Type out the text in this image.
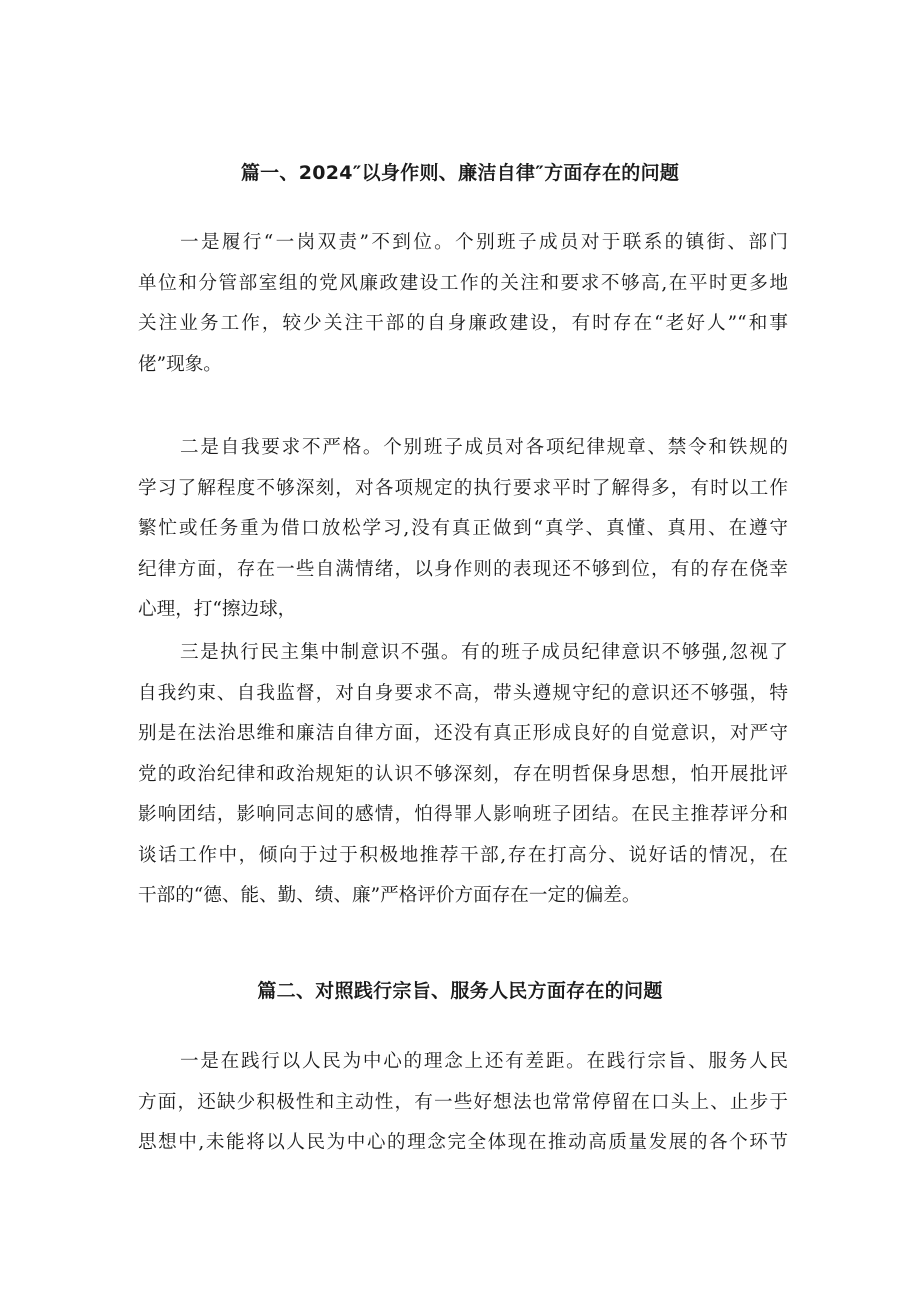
篇一、2024″以身作则、廉洁自律″方面存在的问题
一是履行“一岗双责”不到位。个别班子成员对于联系的镇街、部门
单位和分管部室组的党风廉政建设工作的关注和要求不够高,在平时更多地
关注业务工作，较少关注干部的自身廉政建设，有时存在“老好人”“和事
佬”现象。
二是自我要求不严格。个别班子成员对各项纪律规章、禁令和铁规的
学习了解程度不够深刻，对各项规定的执行要求平时了解得多，有时以工作
繁忙或任务重为借口放松学习,没有真正做到“真学、真懂、真用、在遵守
纪律方面，存在一些自满情绪，以身作则的表现还不够到位，有的存在侥幸
心理，打“擦边球，
三是执行民主集中制意识不强。有的班子成员纪律意识不够强,忽视了
自我约束、自我监督，对自身要求不高，带头遵规守纪的意识还不够强，特
别是在法治思维和廉洁自律方面，还没有真正形成良好的自觉意识，对严守
党的政治纪律和政治规矩的认识不够深刻，存在明哲保身思想，怕开展批评
影响团结，影响同志间的感情，怕得罪人影响班子团结。在民主推荐评分和
谈话工作中，倾向于过于积极地推荐干部,存在打高分、说好话的情况，在
干部的“德、能、勤、绩、廉”严格评价方面存在一定的偏差。
篇二、对照践行宗旨、服务人民方面存在的问题
一是在践行以人民为中心的理念上还有差距。在践行宗旨、服务人民
方面，还缺少积极性和主动性，有一些好想法也常常停留在口头上、止步于
思想中,未能将以人民为中心的理念完全体现在推动高质量发展的各个环节
